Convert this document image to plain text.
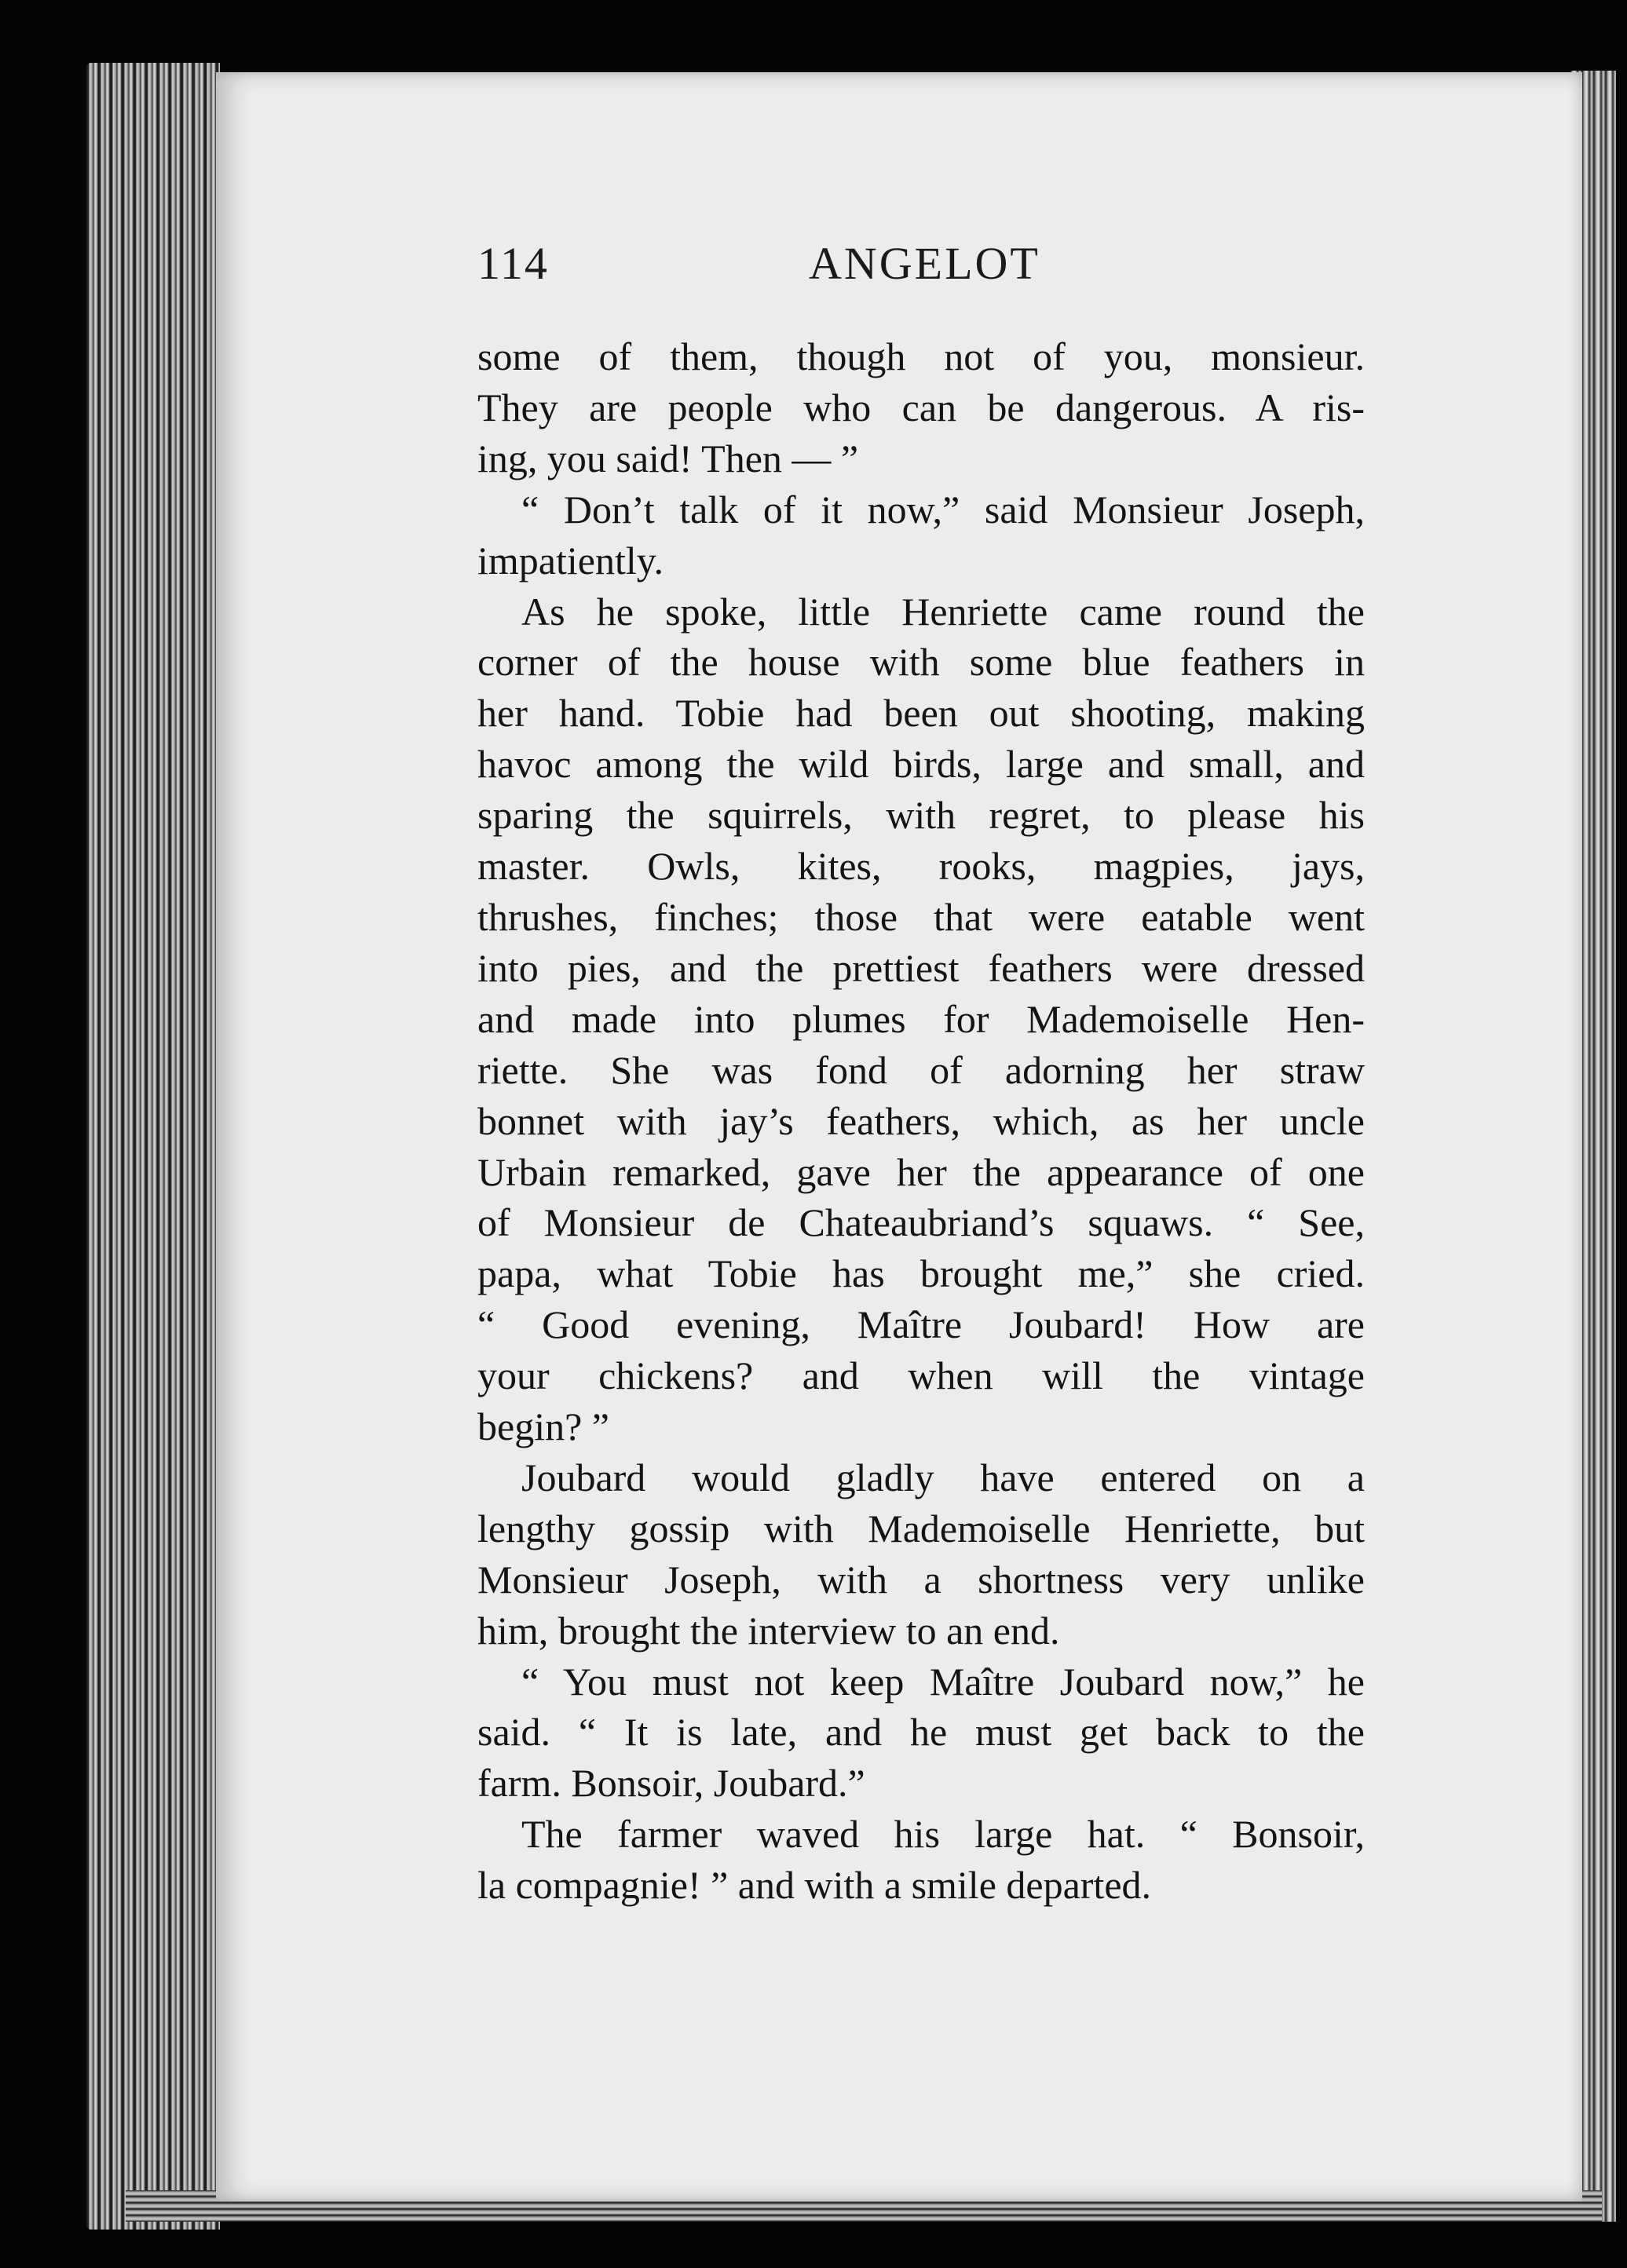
114	ANGELOT
some of them, though not of you, monsieur.
They are people who can be dangerous. A ris-
ing, you said! Then — ”
“ Don’t talk of it now,” said Monsieur Joseph,
impatiently.
As he spoke, little Henriette came round the
corner of the house with some blue feathers in
her hand. Tobie had been out shooting, making
havoc among the wild birds, large and small, and
sparing the squirrels, with regret, to please his
master. Owls, kites, rooks, magpies, jays,
thrushes, finches; those that were eatable went
into pies, and the prettiest feathers were dressed
and made into plumes for Mademoiselle Hen-
riette. She was fond of adorning her straw
bonnet with jay’s feathers, which, as her uncle
Urbain remarked, gave her the appearance of one
of Monsieur de Chateaubriand’s squaws. “ See,
papa, what Tobie has brought me,” she cried.
“ Good evening, Maître Joubard! How are
your chickens? and when will the vintage
begin? ”
Joubard would gladly have entered on a
lengthy gossip with Mademoiselle Henriette, but
Monsieur Joseph, with a shortness very unlike
him, brought the interview to an end.
“ You must not keep Maître Joubard now,” he
said. “ It is late, and he must get back to the
farm. Bonsoir, Joubard.”
The farmer waved his large hat. “ Bonsoir,
la compagnie! ” and with a smile departed.
